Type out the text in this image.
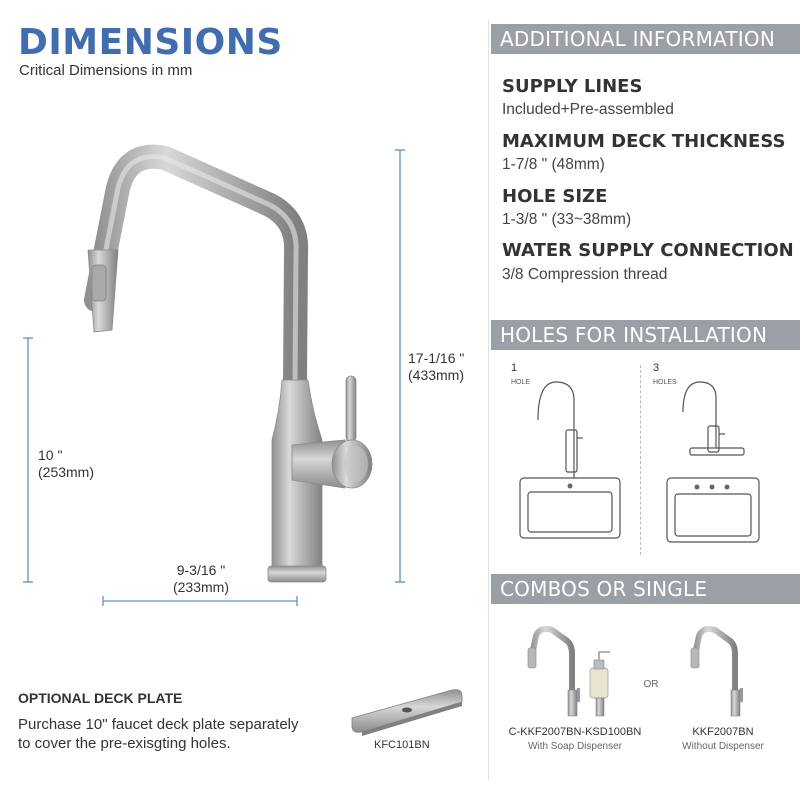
DIMENSIONS
Critical Dimensions in mm
17-1/16 "
(433mm)
10 "
(253mm)
9-3/16 "
(233mm)
ADDITIONAL INFORMATION
SUPPLY LINES
Included+Pre-assembled
MAXIMUM DECK THICKNESS
1-7/8 " (48mm)
HOLE SIZE
1-3/8 " (33~38mm)
WATER SUPPLY CONNECTION
3/8 Compression thread
HOLES FOR INSTALLATION
1
HOLE
3
HOLES
COMBOS OR SINGLE
OR
C-KKF2007BN-KSD100BN
With Soap Dispenser
KKF2007BN
Without Dispenser
OPTIONAL DECK PLATE
Purchase 10" faucet deck plate separately
to cover the pre-exisgting holes.	KFC101BN
